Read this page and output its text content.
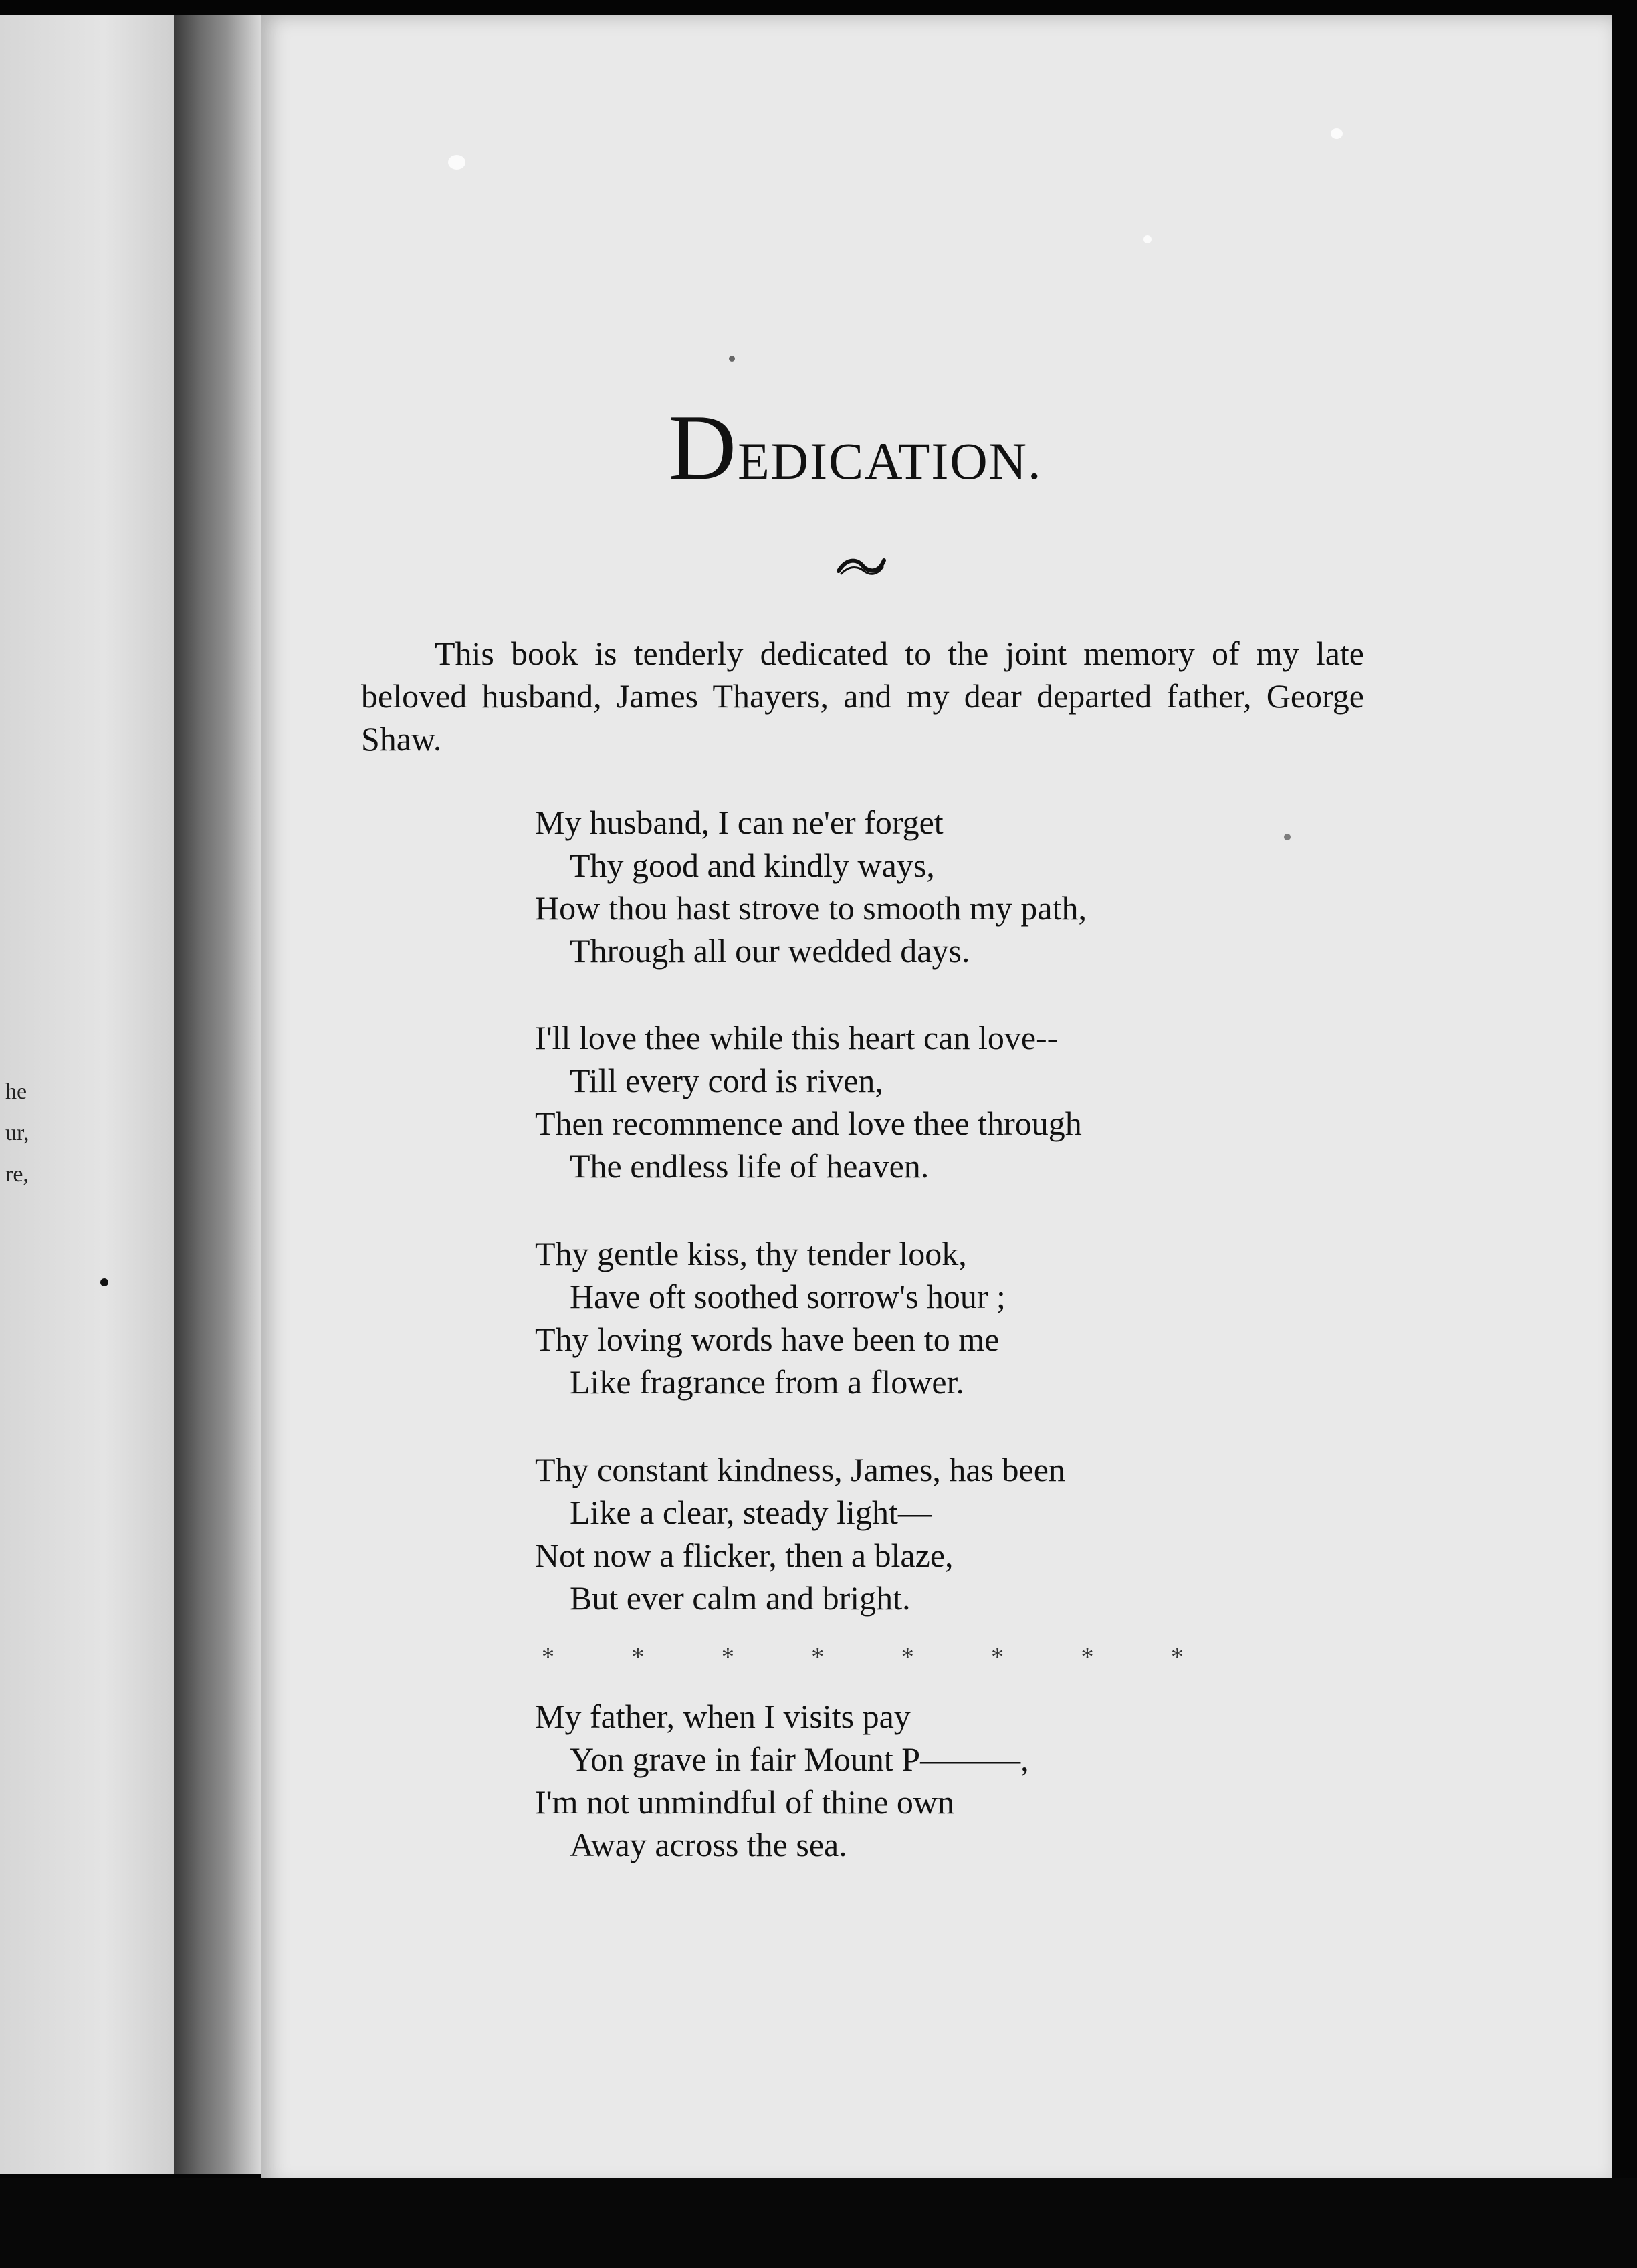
he
ur,
re,
DEDICATION.
This book is tenderly dedicated to the joint memory of my late beloved husband, James Thayers, and my dear departed father, George Shaw.
My husband, I can ne'er forget
Thy good and kindly ways,
How thou hast strove to smooth my path,
Through all our wedded days.
I'll love thee while this heart can love--
Till every cord is riven,
Then recommence and love thee through
The endless life of heaven.
Thy gentle kiss, thy tender look,
Have oft soothed sorrow's hour ;
Thy loving words have been to me
Like fragrance from a flower.
Thy constant kindness, James, has been
Like a clear, steady light—
Not now a flicker, then a blaze,
But ever calm and bright.
*	*	*	*	*	*	*	*
My father, when I visits pay
Yon grave in fair Mount P———,
I'm not unmindful of thine own
Away across the sea.
